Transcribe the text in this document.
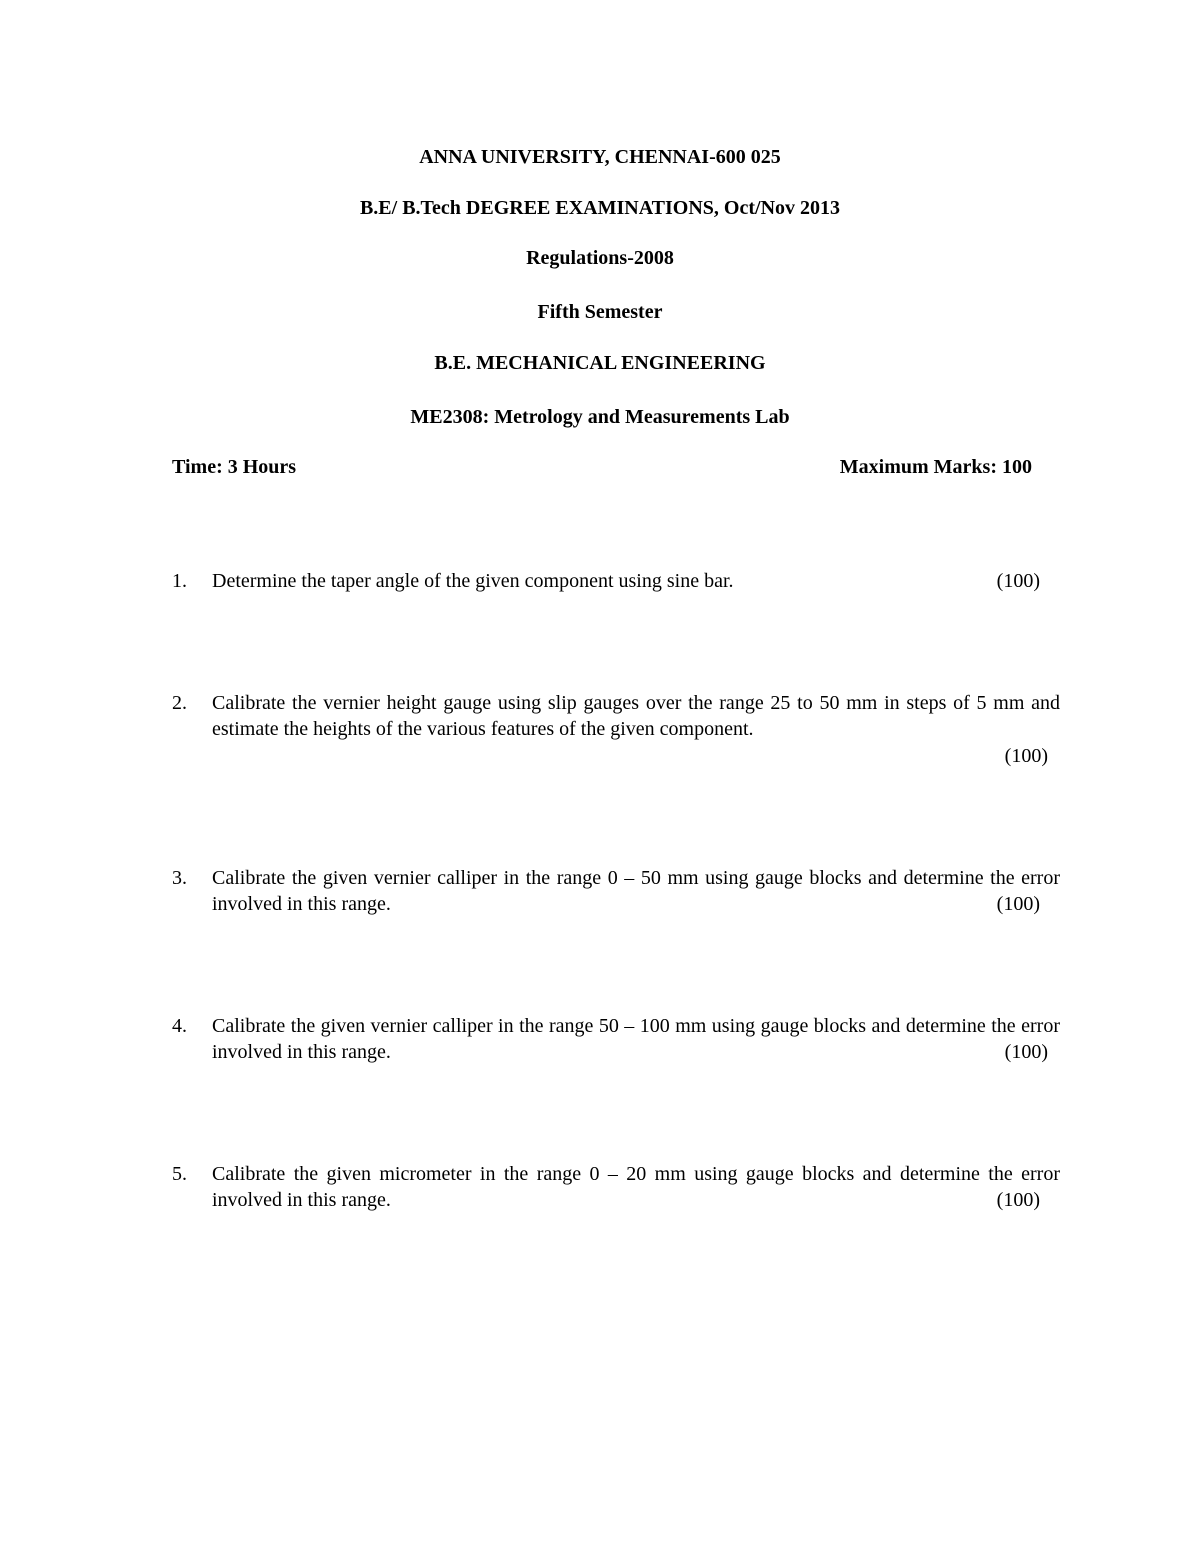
ANNA UNIVERSITY, CHENNAI-600 025
B.E/ B.Tech DEGREE EXAMINATIONS, Oct/Nov 2013
Regulations-2008
Fifth Semester
B.E. MECHANICAL ENGINEERING
ME2308: Metrology and Measurements Lab
Time: 3 Hours	Maximum Marks: 100
1.	Determine the taper angle of the given component using sine bar.	(100)
2.	Calibrate the vernier height gauge using slip gauges over the range 25 to 50 mm in steps of 5 mm and estimate the heights of the various features of the given component.
(100)
3.	Calibrate the given vernier calliper in the range 0 – 50 mm using gauge blocks and determine the error involved in this range.	(100)
4.	Calibrate the given vernier calliper in the range 50 – 100 mm using gauge blocks and determine the error involved in this range.	(100)
5.	Calibrate the given micrometer in the range 0 – 20 mm using gauge blocks and determine the error involved in this range.	(100)
